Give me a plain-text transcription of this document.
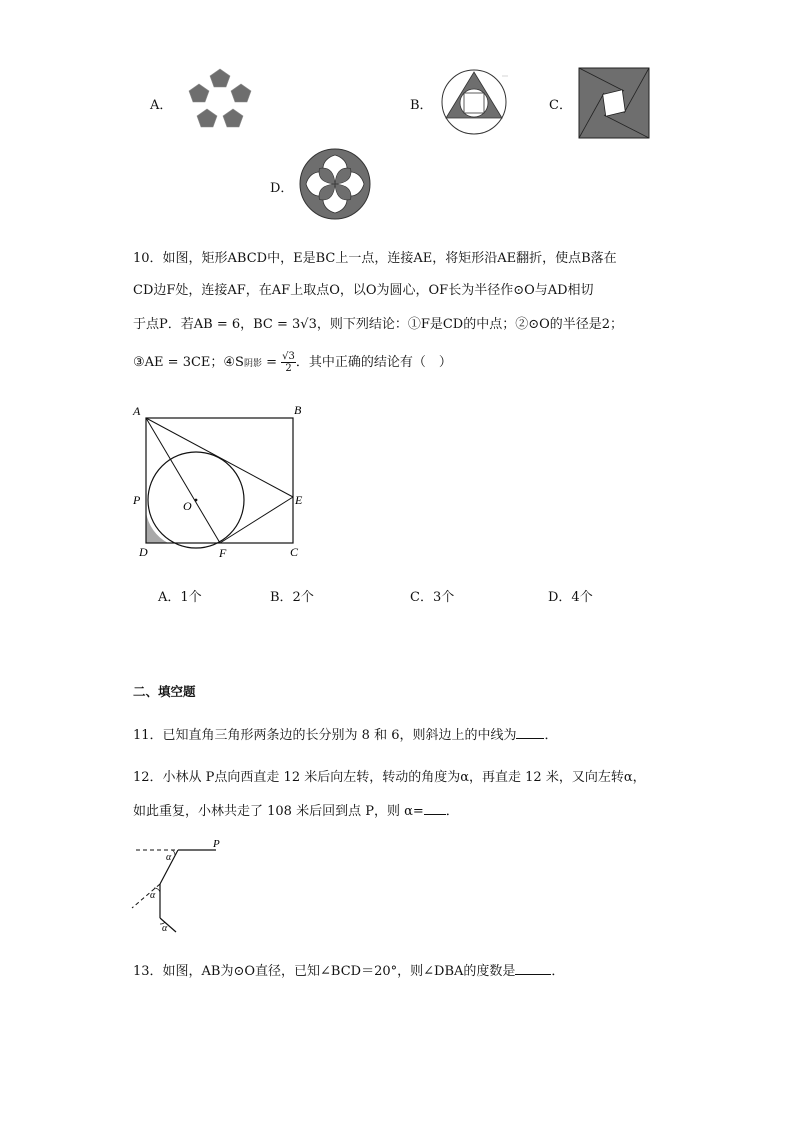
A．	B．	C．
D．
10．如图，矩形ABCD中，E是BC上一点，连接AE，将矩形沿AE翻折，使点B落在
CD边F处，连接AF，在AF上取点O，以O为圆心，OF长为半径作⊙O与AD相切
于点P．若AB = 6，BC = 3√3，则下列结论：①F是CD的中点；②⊙O的半径是2；
③AE = 3CE；④S阴影 = $\frac{√3}{2}$ ．其中正确的结论有（　）
A	B
C
D
E
F
O
P
A．1个	B．2个	C．3个	D．4个
二、填空题
11．已知直角三角形两条边的长分别为 8 和 6，则斜边上的中线为 ．
12．小林从 P点向西直走 12 米后向左转，转动的角度为α，再直走 12 米，又向左转α，
如此重复，小林共走了 108 米后回到点 P，则 α= ．
P
α
α
α
13．如图，AB为⊙O直径，已知∠BCD＝20°，则∠DBA的度数是	．
